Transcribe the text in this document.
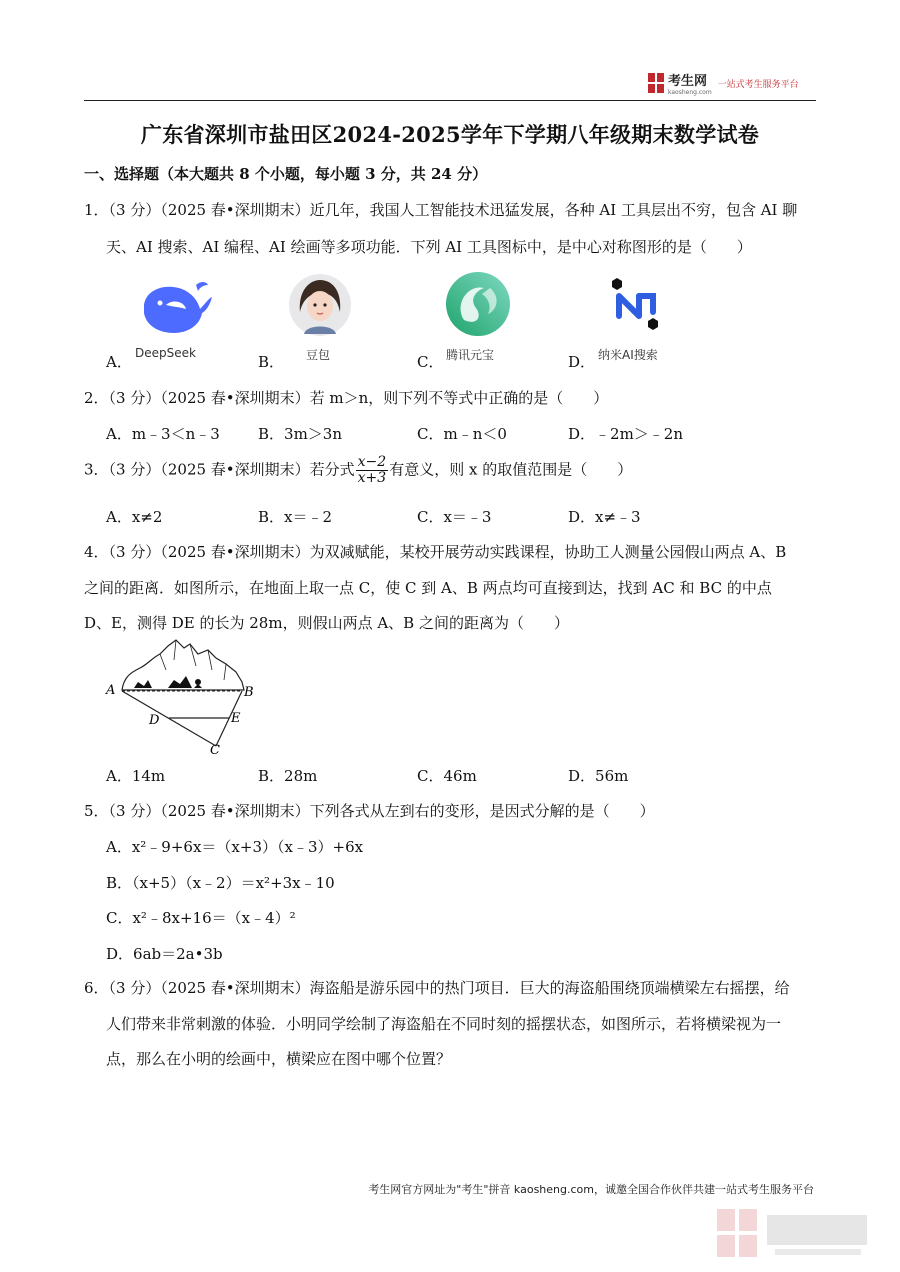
考生网
kaosheng.com
一站式考生服务平台
广东省深圳市盐田区2024-2025学年下学期八年级期末数学试卷
一、选择题（本大题共 8 个小题，每小题 3 分，共 24 分）
1．（3 分）（2025 春•深圳期末）近几年，我国人工智能技术迅猛发展，各种 AI 工具层出不穷，包含 AI 聊
天、AI 搜索、AI 编程、AI 绘画等多项功能．下列 AI 工具图标中，是中心对称图形的是（　　）
DeepSeek	豆包	腾讯元宝	纳米AI搜索
A．	B．	C．	D．
2．（3 分）（2025 春•深圳期末）若 m＞n，则下列不等式中正确的是（　　）
A．m﹣3＜n﹣3	B．3m＞3n	C．m﹣n＜0	D．﹣2m＞﹣2n
3．（3 分）（2025 春•深圳期末）若分式 $\frac{x-2}{x+3}$ 有意义，则 x 的取值范围是（　　）
A．x≠2	B．x＝﹣2	C．x＝﹣3	D．x≠﹣3
4．（3 分）（2025 春•深圳期末）为双减赋能，某校开展劳动实践课程，协助工人测量公园假山两点 A、B
之间的距离．如图所示，在地面上取一点 C，使 C 到 A、B 两点均可直接到达，找到 AC 和 BC 的中点
D、E，测得 DE 的长为 28m，则假山两点 A、B 之间的距离为（　　）
A	B
D	E
C
A．14m	B．28m	C．46m	D．56m
5．（3 分）（2025 春•深圳期末）下列各式从左到右的变形，是因式分解的是（　　）
A．x²﹣9+6x＝（x+3）（x﹣3）+6x
B．（x+5）（x﹣2）＝x²+3x﹣10
C．x²﹣8x+16＝（x﹣4）²
D．6ab＝2a•3b
6．（3 分）（2025 春•深圳期末）海盗船是游乐园中的热门项目．巨大的海盗船围绕顶端横梁左右摇摆，给
人们带来非常刺激的体验．小明同学绘制了海盗船在不同时刻的摇摆状态，如图所示，若将横梁视为一
点，那么在小明的绘画中，横梁应在图中哪个位置？
考生网官方网址为"考生"拼音 kaosheng.com，诚邀全国合作伙伴共建一站式考生服务平台
